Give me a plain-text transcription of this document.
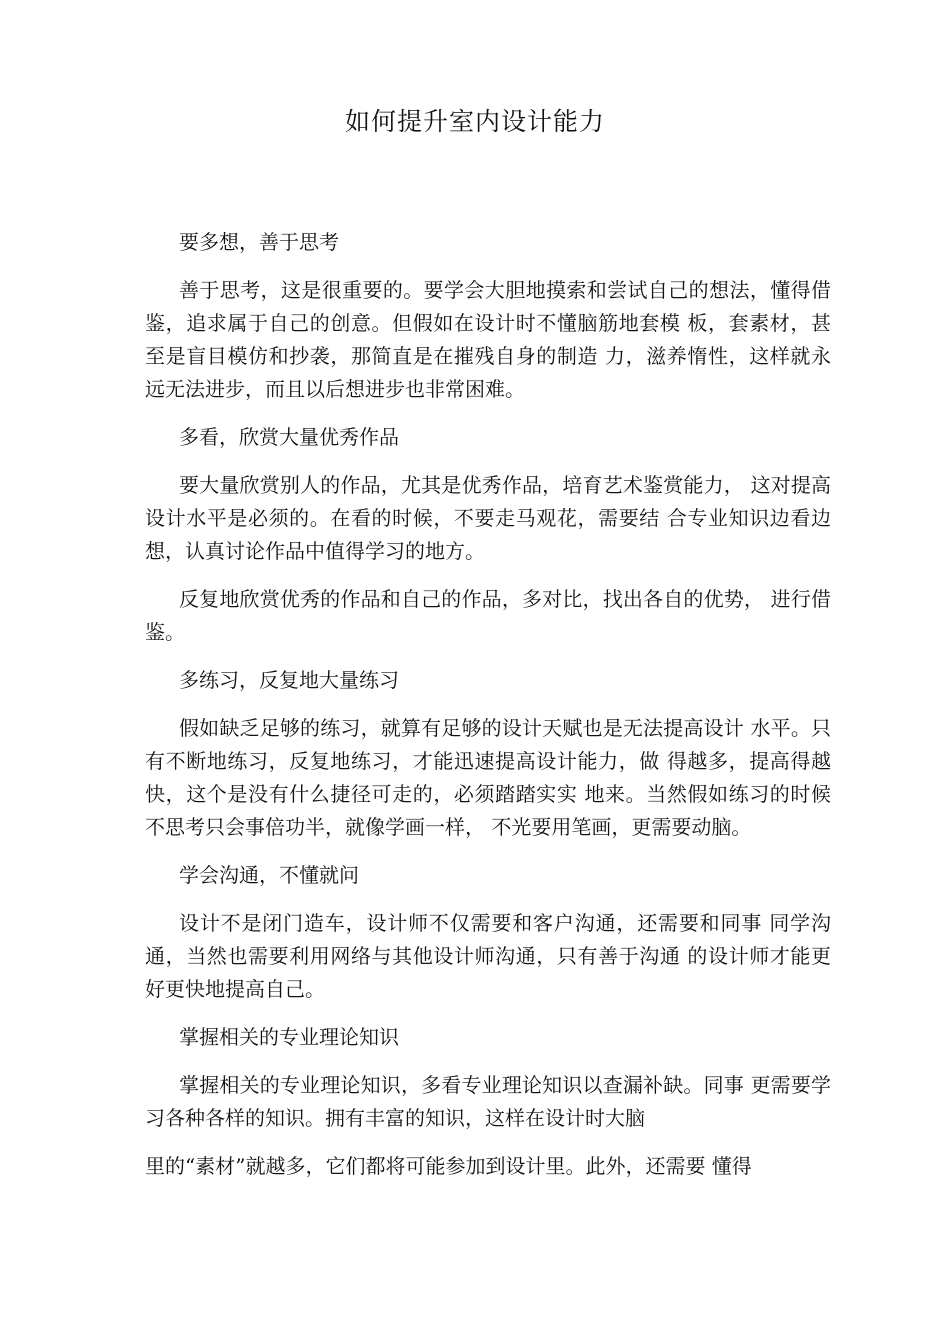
如何提升室内设计能力

要多想，善于思考

善于思考，这是很重要的。要学会大胆地摸索和尝试自己的想法，懂得借鉴，追求属于自己的创意。但假如在设计时不懂脑筋地套模 板，套素材，甚至是盲目模仿和抄袭，那简直是在摧残自身的制造 力，滋养惰性，这样就永远无法进步，而且以后想进步也非常困难。

多看，欣赏大量优秀作品

要大量欣赏别人的作品，尤其是优秀作品，培育艺术鉴赏能力， 这对提高设计水平是必须的。在看的时候，不要走马观花，需要结 合专业知识边看边想，认真讨论作品中值得学习的地方。

反复地欣赏优秀的作品和自己的作品，多对比，找出各自的优势， 进行借鉴。

多练习，反复地大量练习

假如缺乏足够的练习，就算有足够的设计天赋也是无法提高设计 水平。只有不断地练习，反复地练习，才能迅速提高设计能力，做 得越多，提高得越快，这个是没有什么捷径可走的，必须踏踏实实 地来。当然假如练习的时候不思考只会事倍功半，就像学画一样， 不光要用笔画，更需要动脑。

学会沟通，不懂就问

设计不是闭门造车，设计师不仅需要和客户沟通，还需要和同事 同学沟通，当然也需要利用网络与其他设计师沟通，只有善于沟通 的设计师才能更好更快地提高自己。

掌握相关的专业理论知识

掌握相关的专业理论知识，多看专业理论知识以查漏补缺。同事 更需要学习各种各样的知识。拥有丰富的知识，这样在设计时大脑

里的“素材”就越多，它们都将可能参加到设计里。此外，还需要 懂得
